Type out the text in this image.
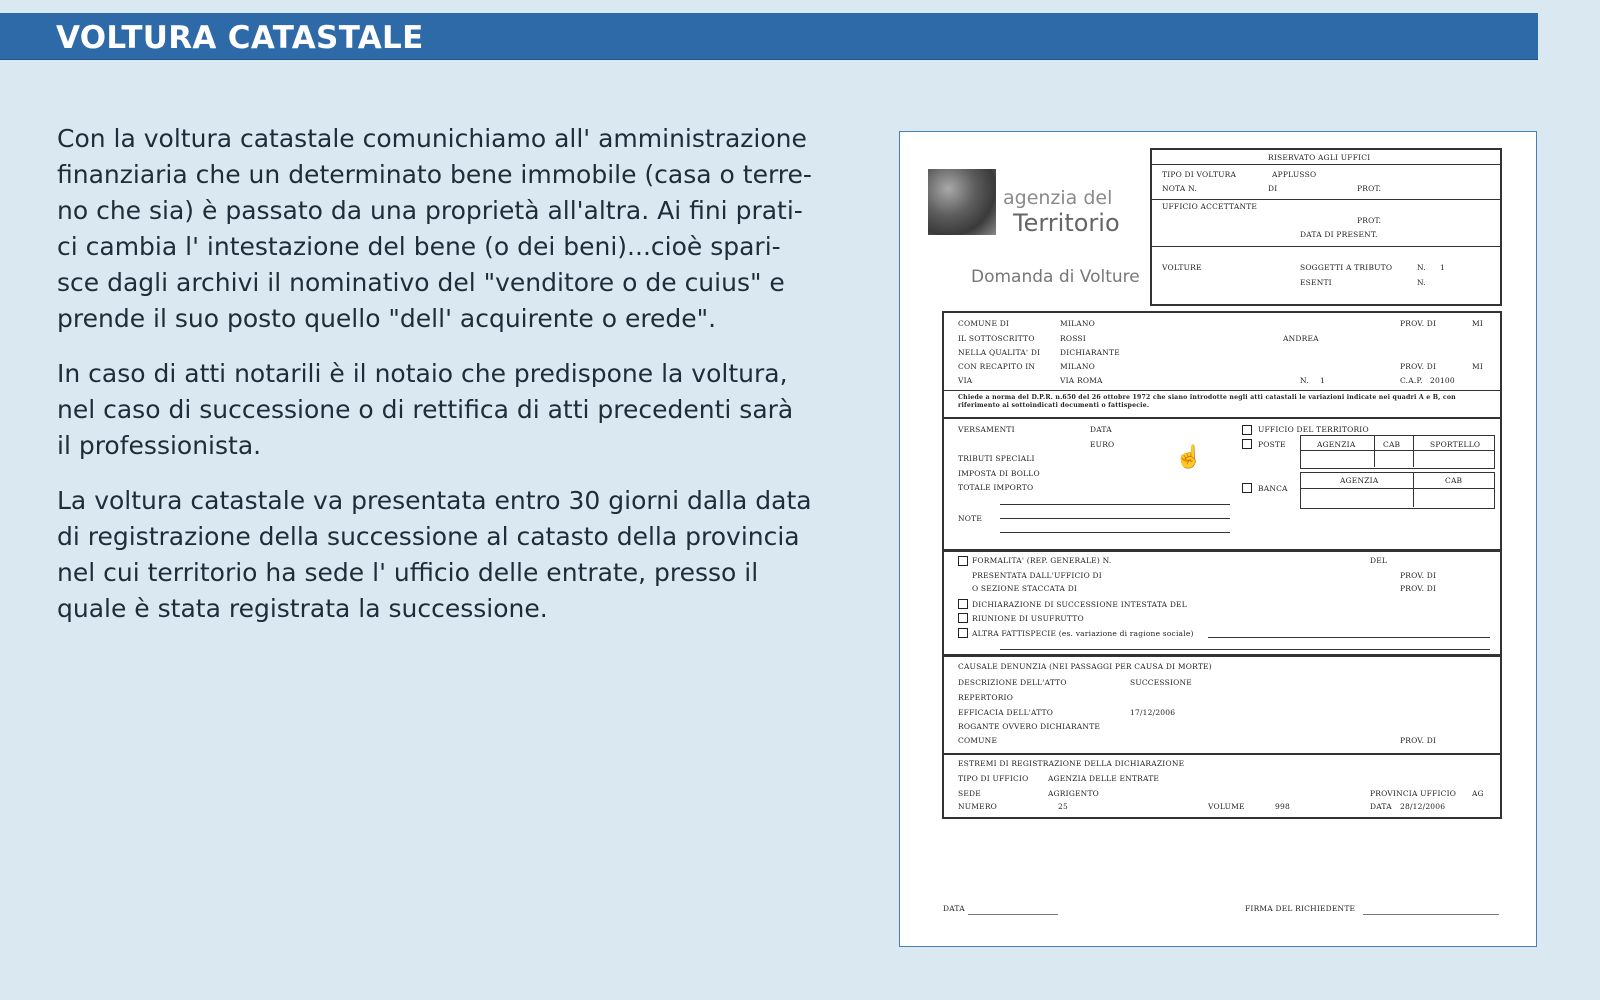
VOLTURA CATASTALE

Con la voltura catastale comunichiamo all' amministrazione
finanziaria che un determinato bene immobile (casa o terre-
no che sia) è passato da una proprietà all'altra. Ai fini prati-
ci cambia l' intestazione del bene (o dei beni)...cioè spari-
sce dagli archivi il nominativo del "venditore o de cuius" e
prende il suo posto quello "dell' acquirente o erede".

In caso di atti notarili è il notaio che predispone la voltura,
nel caso di successione o di rettifica di atti precedenti sarà
il professionista.

La voltura catastale va presentata entro 30 giorni dalla data
di registrazione della successione al catasto della provincia
nel cui territorio ha sede l' ufficio delle entrate, presso il
quale è stata registrata la successione.

agenzia del
Territorio
Domanda di Volture
RISERVATO AGLI UFFICI
TIPO DI VOLTURA	APPLUSSO
NOTA N.	DI	PROT.
UFFICIO ACCETTANTE
PROT.
DATA DI PRESENT.
VOLTURE	SOGGETTI A TRIBUTO	N. 1
ESENTI	N.
COMUNE DI	MILANO	PROV. DI	MI
IL SOTTOSCRITTO	ROSSI	ANDREA
NELLA QUALITA' DI	DICHIARANTE
CON RECAPITO IN	MILANO	PROV. DI	MI
VIA	VIA ROMA	N. 1	C.A.P. 20100
Chiede a norma del D.P.R. n.650 del 26 ottobre 1972 che siano introdotte negli atti catastali le variazioni indicate nei quadri A e B, con riferimento ai sottoindicati documenti o fattispecie.
VERSAMENTI	DATA
EURO
TRIBUTI SPECIALI
IMPOSTA DI BOLLO
TOTALE IMPORTO
☝
UFFICIO DEL TERRITORIO
POSTE	AGENZIA	CAB	SPORTELLO
BANCA
AGENZIA	CAB
NOTE
FORMALITA' (REP. GENERALE) N.	DEL
PRESENTATA DALL'UFFICIO DI	PROV. DI
O SEZIONE STACCATA DI	PROV. DI
DICHIARAZIONE DI SUCCESSIONE INTESTATA DEL
RIUNIONE DI USUFRUTTO
ALTRA FATTISPECIE (es. variazione di ragione sociale)
CAUSALE DENUNZIA (NEI PASSAGGI PER CAUSA DI MORTE)
DESCRIZIONE DELL'ATTO	SUCCESSIONE
REPERTORIO
EFFICACIA DELL'ATTO	17/12/2006
ROGANTE OVVERO DICHIARANTE
COMUNE	PROV. DI
ESTREMI DI REGISTRAZIONE DELLA DICHIARAZIONE
TIPO DI UFFICIO	AGENZIA DELLE ENTRATE
SEDE	AGRIGENTO	PROVINCIA UFFICIO AG
NUMERO	25	VOLUME	998	DATA 28/12/2006
DATA	FIRMA DEL RICHIEDENTE
